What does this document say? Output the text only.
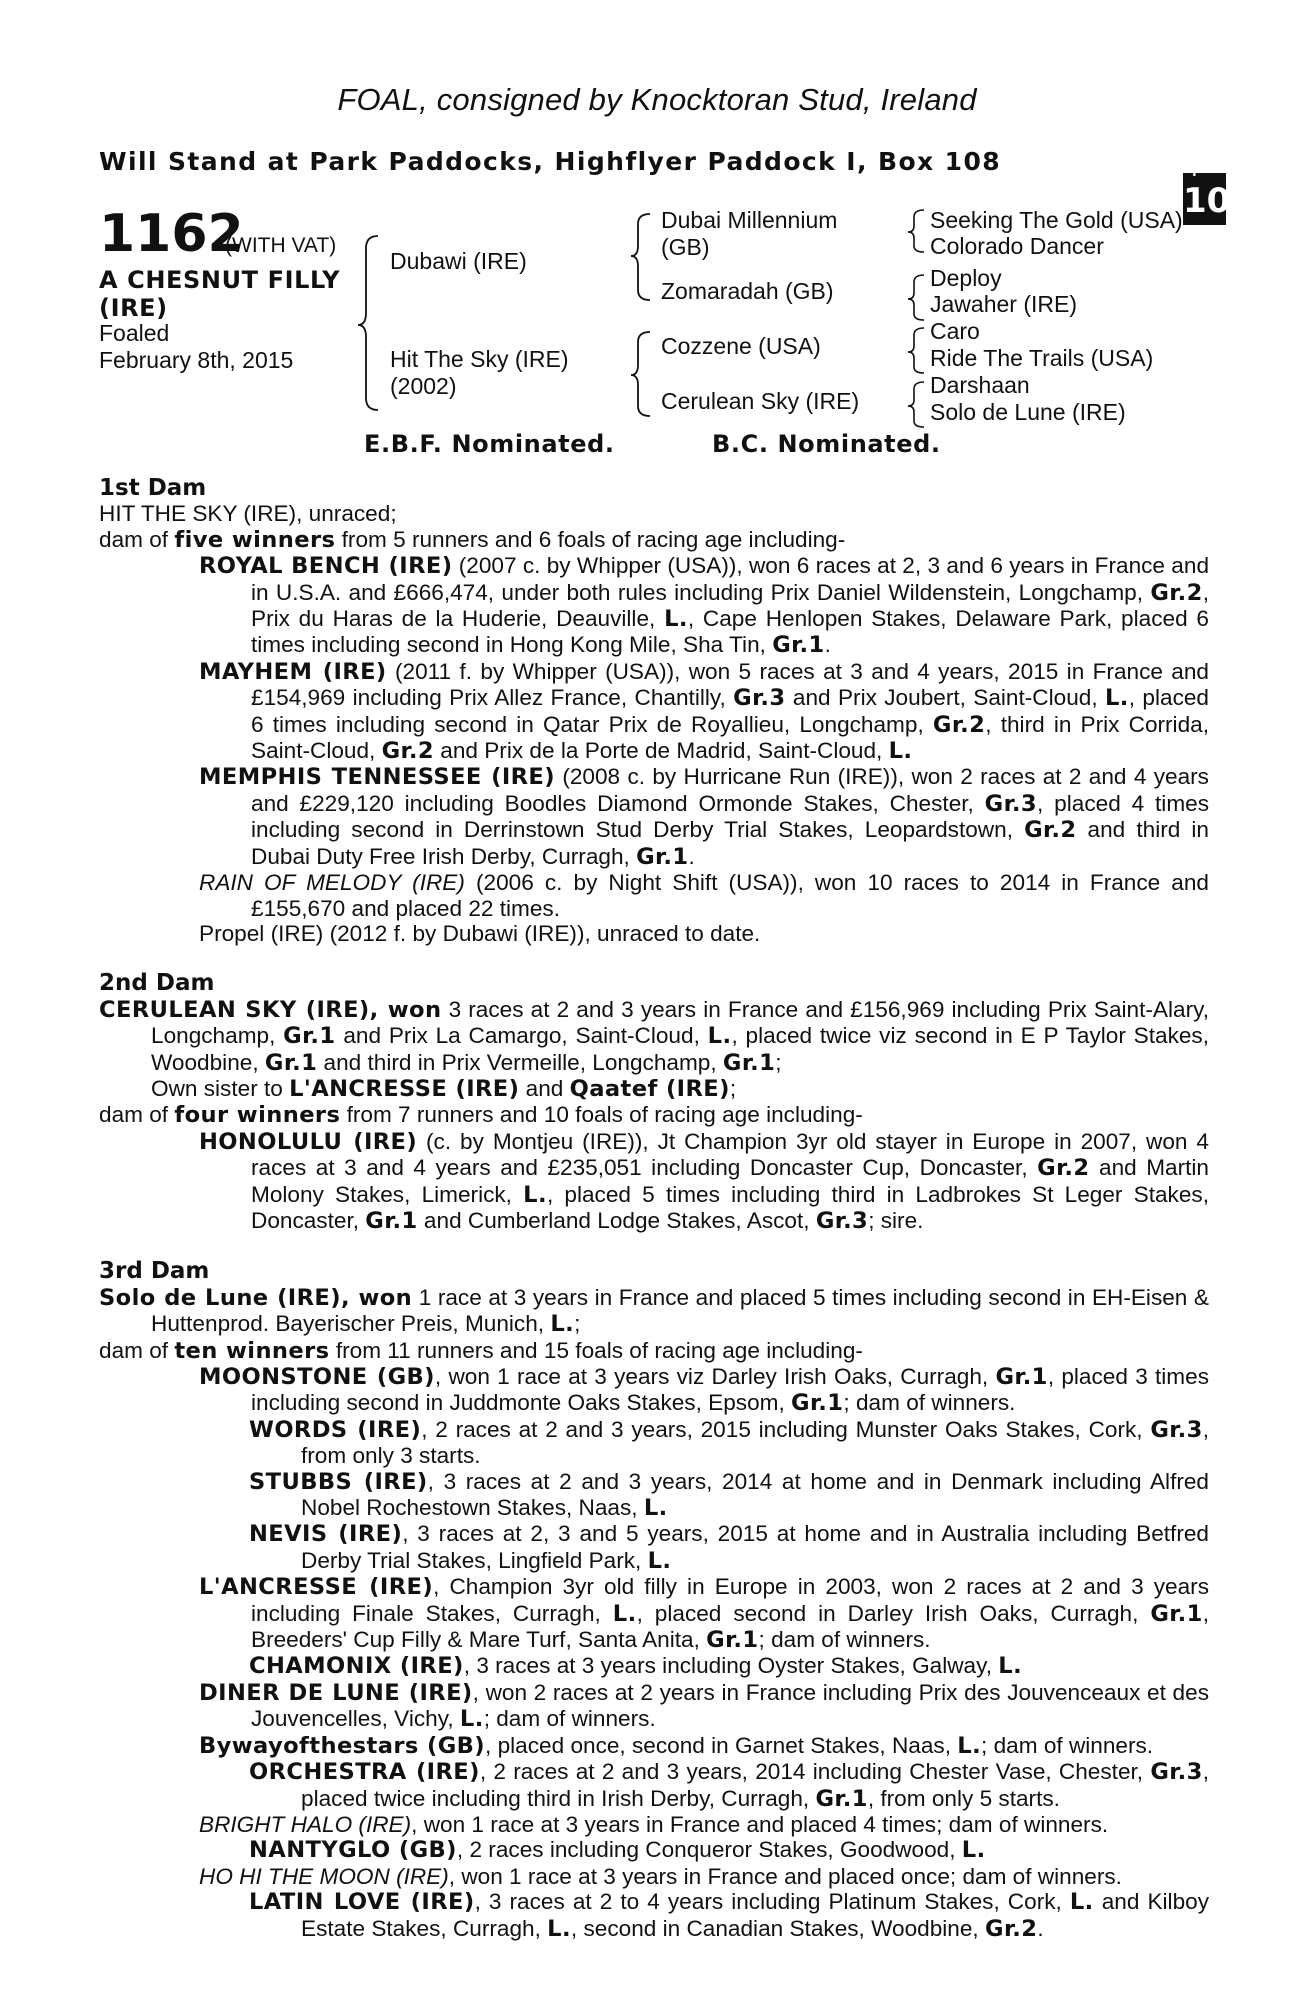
FOAL, consigned by Knocktoran Stud, Ireland
Will Stand at Park Paddocks, Highflyer Paddock I, Box 108	+
10
1162
(WITH VAT)
A CHESNUT FILLY
(IRE)
Foaled
February 8th, 2015
Dubawi (IRE)
Hit The Sky (IRE)
(2002)
Dubai Millennium
(GB)
Zomaradah (GB)
Cozzene (USA)
Cerulean Sky (IRE)
Seeking The Gold (USA)
Colorado Dancer
Deploy
Jawaher (IRE)
Caro
Ride The Trails (USA)
Darshaan
Solo de Lune (IRE)
E.B.F. Nominated.	B.C. Nominated.
1st Dam
HIT THE SKY (IRE), unraced;
dam of five winners from 5 runners and 6 foals of racing age including-
ROYAL BENCH (IRE) (2007 c. by Whipper (USA)), won 6 races at 2, 3 and 6 years in France and in U.S.A. and £666,474, under both rules including Prix Daniel Wildenstein, Longchamp, Gr.2, Prix du Haras de la Huderie, Deauville, L., Cape Henlopen Stakes, Delaware Park, placed 6 times including second in Hong Kong Mile, Sha Tin, Gr.1.
MAYHEM (IRE) (2011 f. by Whipper (USA)), won 5 races at 3 and 4 years, 2015 in France and £154,969 including Prix Allez France, Chantilly, Gr.3 and Prix Joubert, Saint-Cloud, L., placed 6 times including second in Qatar Prix de Royallieu, Longchamp, Gr.2, third in Prix Corrida, Saint-Cloud, Gr.2 and Prix de la Porte de Madrid, Saint-Cloud, L.
MEMPHIS TENNESSEE (IRE) (2008 c. by Hurricane Run (IRE)), won 2 races at 2 and 4 years and £229,120 including Boodles Diamond Ormonde Stakes, Chester, Gr.3, placed 4 times including second in Derrinstown Stud Derby Trial Stakes, Leopardstown, Gr.2 and third in Dubai Duty Free Irish Derby, Curragh, Gr.1.
RAIN OF MELODY (IRE) (2006 c. by Night Shift (USA)), won 10 races to 2014 in France and £155,670 and placed 22 times.
Propel (IRE) (2012 f. by Dubawi (IRE)), unraced to date.
2nd Dam
CERULEAN SKY (IRE), won 3 races at 2 and 3 years in France and £156,969 including Prix Saint-Alary, Longchamp, Gr.1 and Prix La Camargo, Saint-Cloud, L., placed twice viz second in E P Taylor Stakes, Woodbine, Gr.1 and third in Prix Vermeille, Longchamp, Gr.1;
Own sister to L'ANCRESSE (IRE) and Qaatef (IRE);
dam of four winners from 7 runners and 10 foals of racing age including-
HONOLULU (IRE) (c. by Montjeu (IRE)), Jt Champion 3yr old stayer in Europe in 2007, won 4 races at 3 and 4 years and £235,051 including Doncaster Cup, Doncaster, Gr.2 and Martin Molony Stakes, Limerick, L., placed 5 times including third in Ladbrokes St Leger Stakes, Doncaster, Gr.1 and Cumberland Lodge Stakes, Ascot, Gr.3; sire.
3rd Dam
Solo de Lune (IRE), won 1 race at 3 years in France and placed 5 times including second in EH-Eisen & Huttenprod. Bayerischer Preis, Munich, L.;
dam of ten winners from 11 runners and 15 foals of racing age including-
MOONSTONE (GB), won 1 race at 3 years viz Darley Irish Oaks, Curragh, Gr.1, placed 3 times including second in Juddmonte Oaks Stakes, Epsom, Gr.1; dam of winners.
WORDS (IRE), 2 races at 2 and 3 years, 2015 including Munster Oaks Stakes, Cork, Gr.3, from only 3 starts.
STUBBS (IRE), 3 races at 2 and 3 years, 2014 at home and in Denmark including Alfred Nobel Rochestown Stakes, Naas, L.
NEVIS (IRE), 3 races at 2, 3 and 5 years, 2015 at home and in Australia including Betfred Derby Trial Stakes, Lingfield Park, L.
L'ANCRESSE (IRE), Champion 3yr old filly in Europe in 2003, won 2 races at 2 and 3 years including Finale Stakes, Curragh, L., placed second in Darley Irish Oaks, Curragh, Gr.1, Breeders' Cup Filly & Mare Turf, Santa Anita, Gr.1; dam of winners.
CHAMONIX (IRE), 3 races at 3 years including Oyster Stakes, Galway, L.
DINER DE LUNE (IRE), won 2 races at 2 years in France including Prix des Jouvenceaux et des Jouvencelles, Vichy, L.; dam of winners.
Bywayofthestars (GB), placed once, second in Garnet Stakes, Naas, L.; dam of winners.
ORCHESTRA (IRE), 2 races at 2 and 3 years, 2014 including Chester Vase, Chester, Gr.3, placed twice including third in Irish Derby, Curragh, Gr.1, from only 5 starts.
BRIGHT HALO (IRE), won 1 race at 3 years in France and placed 4 times; dam of winners.
NANTYGLO (GB), 2 races including Conqueror Stakes, Goodwood, L.
HO HI THE MOON (IRE), won 1 race at 3 years in France and placed once; dam of winners.
LATIN LOVE (IRE), 3 races at 2 to 4 years including Platinum Stakes, Cork, L. and Kilboy Estate Stakes, Curragh, L., second in Canadian Stakes, Woodbine, Gr.2.
